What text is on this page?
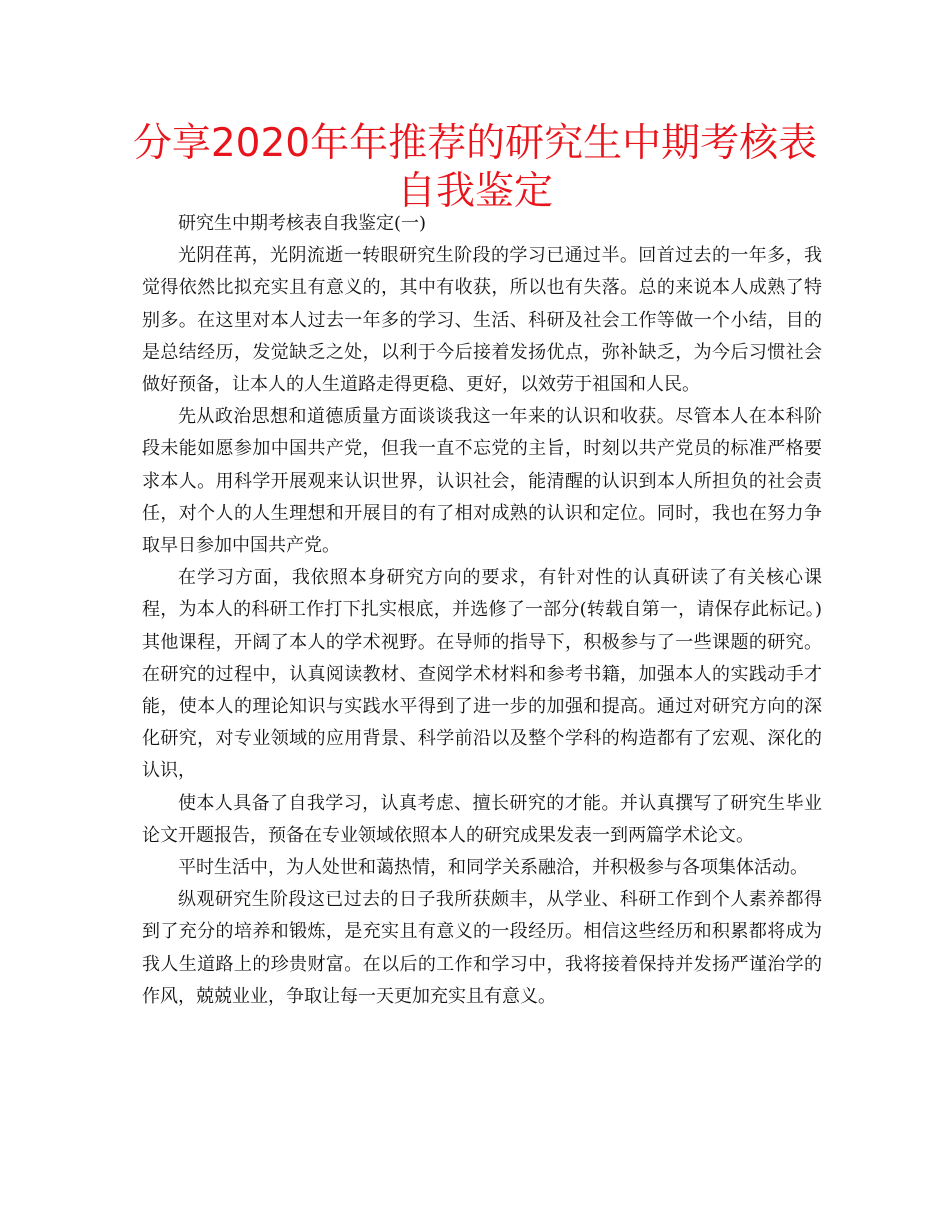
分享2020年年推荐的研究生中期考核表自我鉴定

研究生中期考核表自我鉴定(一)

光阴荏苒，光阴流逝一转眼研究生阶段的学习已通过半。回首过去的一年多，我觉得依然比拟充实且有意义的，其中有收获，所以也有失落。总的来说本人成熟了特别多。在这里对本人过去一年多的学习、生活、科研及社会工作等做一个小结，目的是总结经历，发觉缺乏之处，以利于今后接着发扬优点，弥补缺乏，为今后习惯社会做好预备，让本人的人生道路走得更稳、更好，以效劳于祖国和人民。

先从政治思想和道德质量方面谈谈我这一年来的认识和收获。尽管本人在本科阶段未能如愿参加中国共产党，但我一直不忘党的主旨，时刻以共产党员的标准严格要求本人。用科学开展观来认识世界，认识社会，能清醒的认识到本人所担负的社会责任，对个人的人生理想和开展目的有了相对成熟的认识和定位。同时，我也在努力争取早日参加中国共产党。

在学习方面，我依照本身研究方向的要求，有针对性的认真研读了有关核心课程，为本人的科研工作打下扎实根底，并选修了一部分(转载自第一，请保存此标记。)其他课程，开阔了本人的学术视野。在导师的指导下，积极参与了一些课题的研究。在研究的过程中，认真阅读教材、查阅学术材料和参考书籍，加强本人的实践动手才能，使本人的理论知识与实践水平得到了进一步的加强和提高。通过对研究方向的深化研究，对专业领域的应用背景、科学前沿以及整个学科的构造都有了宏观、深化的认识，

使本人具备了自我学习，认真考虑、擅长研究的才能。并认真撰写了研究生毕业论文开题报告，预备在专业领域依照本人的研究成果发表一到两篇学术论文。

平时生活中，为人处世和蔼热情，和同学关系融洽，并积极参与各项集体活动。

纵观研究生阶段这已过去的日子我所获颇丰，从学业、科研工作到个人素养都得到了充分的培养和锻炼，是充实且有意义的一段经历。相信这些经历和积累都将成为我人生道路上的珍贵财富。在以后的工作和学习中，我将接着保持并发扬严谨治学的作风，兢兢业业，争取让每一天更加充实且有意义。
